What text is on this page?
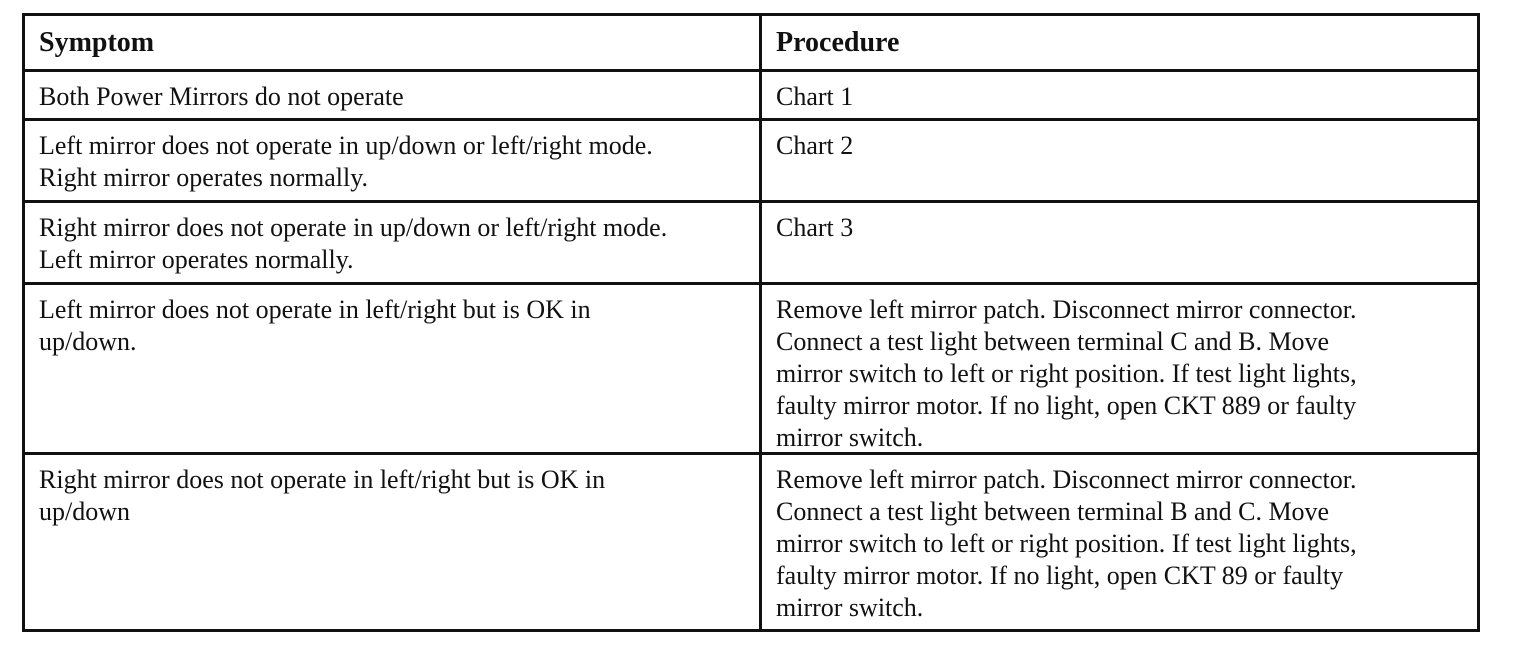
Symptom	Procedure
Both Power Mirrors do not operate	Chart 1
Left mirror does not operate in up/down or left/right mode.
Right mirror operates normally.
Chart 2
Right mirror does not operate in up/down or left/right mode.
Left mirror operates normally.
Chart 3
Left mirror does not operate in left/right but is OK in
up/down.
Remove left mirror patch. Disconnect mirror connector.
Connect a test light between terminal C and B. Move
mirror switch to left or right position. If test light lights,
faulty mirror motor. If no light, open CKT 889 or faulty
mirror switch.
Right mirror does not operate in left/right but is OK in
up/down
Remove left mirror patch. Disconnect mirror connector.
Connect a test light between terminal B and C. Move
mirror switch to left or right position. If test light lights,
faulty mirror motor. If no light, open CKT 89 or faulty
mirror switch.
